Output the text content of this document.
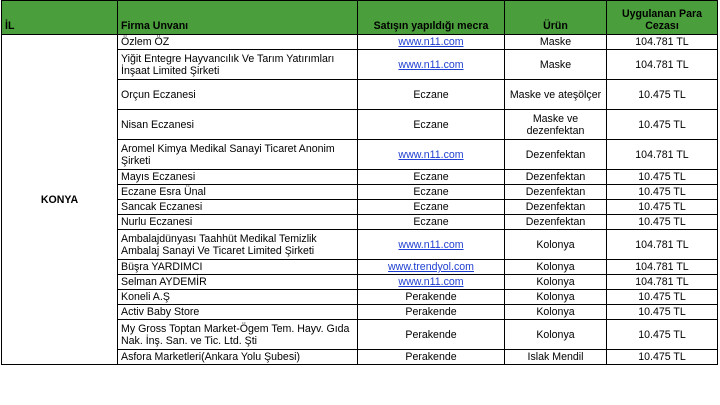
İL	Firma Unvanı	Satışın yapıldığı mecra	Ürün	Uygulanan Para Cezası
KONYA	Özlem ÖZ	www.n11.com	Maske	104.781 TL
	Yiğit Entegre Hayvancılık Ve Tarım Yatırımları İnşaat Limited Şirketi	www.n11.com	Maske	104.781 TL
	Orçun Eczanesi	Eczane	Maske ve ateşölçer	10.475 TL
	Nisan Eczanesi	Eczane	Maske ve dezenfektan	10.475 TL
	Aromel Kimya Medikal Sanayi Ticaret Anonim Şirketi	www.n11.com	Dezenfektan	104.781 TL
	Mayıs Eczanesi	Eczane	Dezenfektan	10.475 TL
	Eczane Esra Ünal	Eczane	Dezenfektan	10.475 TL
	Sancak Eczanesi	Eczane	Dezenfektan	10.475 TL
	Nurlu Eczanesi	Eczane	Dezenfektan	10.475 TL
	Ambalajdünyası Taahhüt Medikal Temizlik Ambalaj Sanayi Ve Ticaret Limited Şirketi	www.n11.com	Kolonya	104.781 TL
	Büşra YARDIMCI	www.trendyol.com	Kolonya	104.781 TL
	Selman AYDEMİR	www.n11.com	Kolonya	104.781 TL
	Koneli A.Ş	Perakende	Kolonya	10.475 TL
	Activ Baby Store	Perakende	Kolonya	10.475 TL
	My Gross Toptan Market-Ögem Tem. Hayv. Gıda Nak. İnş. San. ve Tic. Ltd. Şti	Perakende	Kolonya	10.475 TL
	Asfora Marketleri(Ankara Yolu Şubesi)	Perakende	Islak Mendil	10.475 TL
